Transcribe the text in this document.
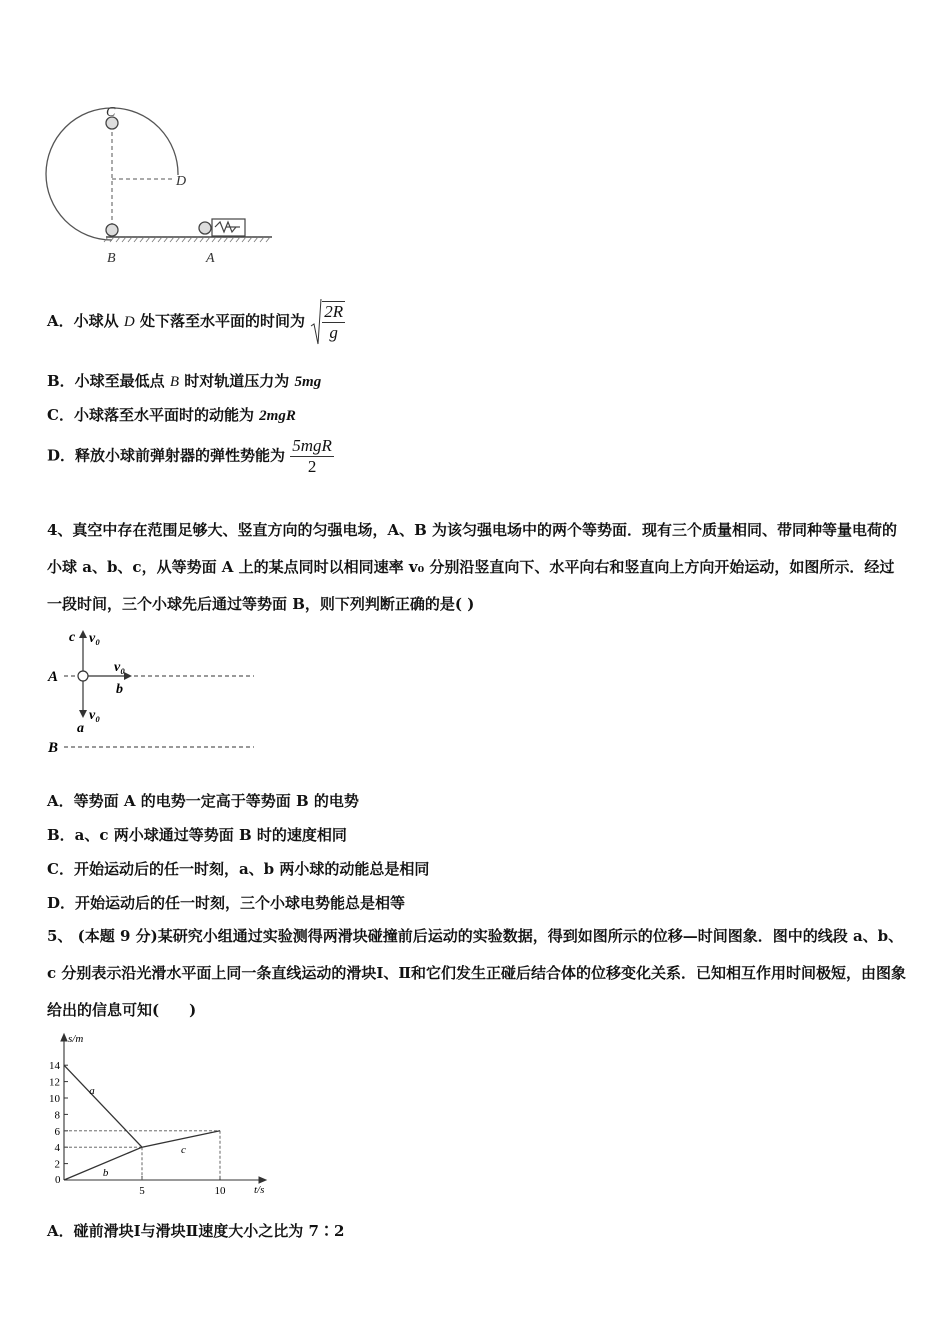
C
D
B	A
A．小球从 D 处下落至水平面的时间为 $\frac{2R}{g}$
B．小球至最低点 B 时对轨道压力为 5mg
C．小球落至水平面时的动能为 2mgR
D．释放小球前弹射器的弹性势能为 $\frac{\text{5mgR}}{2}$
4、真空中存在范围足够大、竖直方向的匀强电场，A、B 为该匀强电场中的两个等势面．现有三个质量相同、带同种等量电荷的小球 a、b、c，从等势面 A 上的某点同时以相同速率 v₀ 分别沿竖直向下、水平向右和竖直向上方向开始运动，如图所示．经过一段时间，三个小球先后通过等势面 B，则下列判断正确的是( )
c v₀
A
v₀
b
v₀
a
B
A．等势面 A 的电势一定高于等势面 B 的电势
B．a、c 两小球通过等势面 B 时的速度相同
C．开始运动后的任一时刻，a、b 两小球的动能总是相同
D．开始运动后的任一时刻，三个小球电势能总是相等
5、 (本题 9 分)某研究小组通过实验测得两滑块碰撞前后运动的实验数据，得到如图所示的位移—时间图象．图中的线段 a、b、c 分别表示沿光滑水平面上同一条直线运动的滑块Ⅰ、Ⅱ和它们发生正碰后结合体的位移变化关系．已知相互作用时间极短，由图象给出的信息可知(　　)
14
12
10
8
6
4
2
5	10
a
b
c
s/m
t/s
0
A．碰前滑块Ⅰ与滑块Ⅱ速度大小之比为 7∶2
